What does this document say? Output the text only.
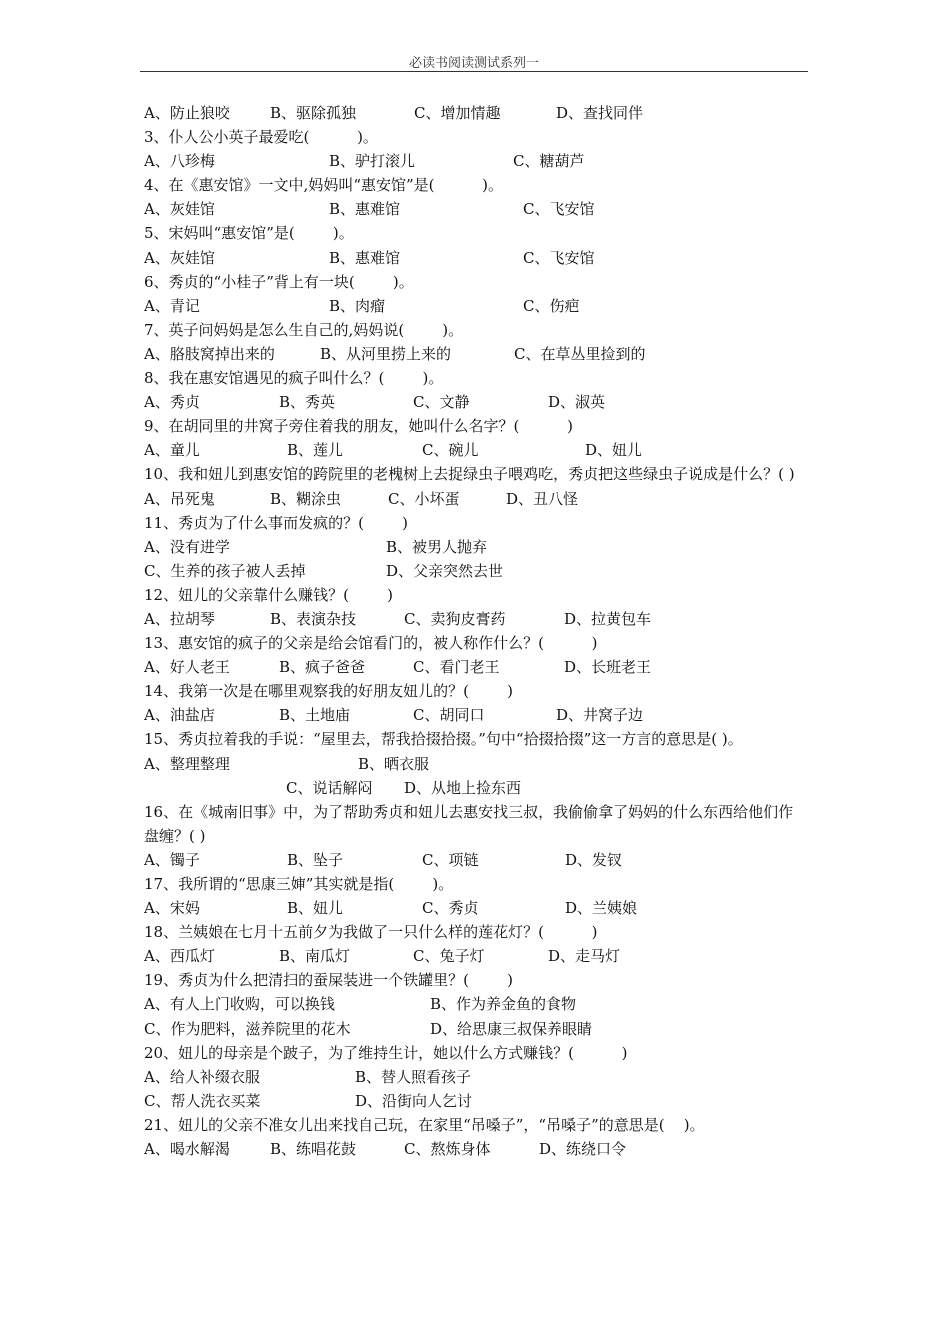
必读书阅读测试系列一
A、防止狼咬	B、驱除孤独	C、增加情趣	D、查找同伴
3、仆人公小英子最爱吃(          )。
A、八珍梅	B、驴打滚儿	C、糖葫芦
4、在《惠安馆》一文中,妈妈叫“惠安馆”是(          )。
A、灰娃馆	B、惠难馆	C、飞安馆
5、宋妈叫“惠安馆”是(        )。
A、灰娃馆	B、惠难馆	C、飞安馆
6、秀贞的“小桂子”背上有一块(        )。
A、青记	B、肉瘤	C、伤疤
7、英子问妈妈是怎么生自己的,妈妈说(        )。
A、胳肢窝掉出来的	B、从河里捞上来的	C、在草丛里捡到的
8、我在惠安馆遇见的疯子叫什么？(        )。
A、秀贞	B、秀英	C、文静	D、淑英
9、在胡同里的井窝子旁住着我的朋友，她叫什么名字？(          )
A、童儿	B、莲儿	C、碗儿	D、妞儿
10、我和妞儿到惠安馆的跨院里的老槐树上去捉绿虫子喂鸡吃，秀贞把这些绿虫子说成是什么？( )
A、吊死鬼	B、糊涂虫	C、小坏蛋	D、丑八怪
11、秀贞为了什么事而发疯的？(        )
A、没有进学	B、被男人抛弃
C、生养的孩子被人丢掉	D、父亲突然去世
12、妞儿的父亲靠什么赚钱？(        )
A、拉胡琴	B、表演杂技	C、卖狗皮膏药	D、拉黄包车
13、惠安馆的疯子的父亲是给会馆看门的，被人称作什么？(          )
A、好人老王	B、疯子爸爸	C、看门老王	D、长班老王
14、我第一次是在哪里观察我的好朋友妞儿的？(        )
A、油盐店	B、土地庙	C、胡同口	D、井窝子边
15、秀贞拉着我的手说：“屋里去，帮我拾掇拾掇。”句中“拾掇拾掇”这一方言的意思是( )。A、整理整理	B、晒衣服
C、说话解闷 D、从地上捡东西
16、在《城南旧事》中，为了帮助秀贞和妞儿去惠安找三叔，我偷偷拿了妈妈的什么东西给他们作盘缠？( )
A、镯子	B、坠子	C、项链	D、发钗
17、我所谓的“思康三婶”其实就是指(        )。
A、宋妈	B、妞儿	C、秀贞	D、兰姨娘
18、兰姨娘在七月十五前夕为我做了一只什么样的莲花灯？(          )
A、西瓜灯	B、南瓜灯	C、兔子灯	D、走马灯
19、秀贞为什么把清扫的蚕屎装进一个铁罐里？(        )
A、有人上门收购，可以换钱	B、作为养金鱼的食物
C、作为肥料，滋养院里的花木	D、给思康三叔保养眼睛
20、妞儿的母亲是个跛子，为了维持生计，她以什么方式赚钱？(          )
A、给人补缀衣服	B、替人照看孩子
C、帮人洗衣买菜	D、沿街向人乞讨
21、妞儿的父亲不准女儿出来找自己玩，在家里“吊嗓子”，“吊嗓子”的意思是(    )。
A、喝水解渴	B、练唱花鼓	C、熬炼身体	D、练绕口令
